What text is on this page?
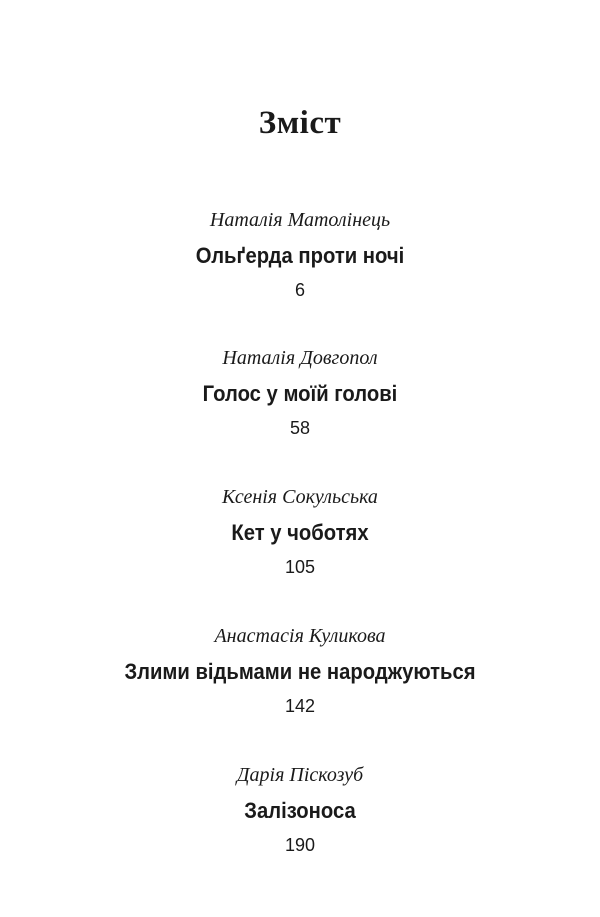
Зміст
Наталія Матолінець
Ольґерда проти ночі
6
Наталія Довгопол
Голос у моїй голові
58
Ксенія Сокульська
Кет у чоботях
105
Анастасія Куликова
Злими відьмами не народжуються
142
Дарія Піскозуб
Залізоноса
190
